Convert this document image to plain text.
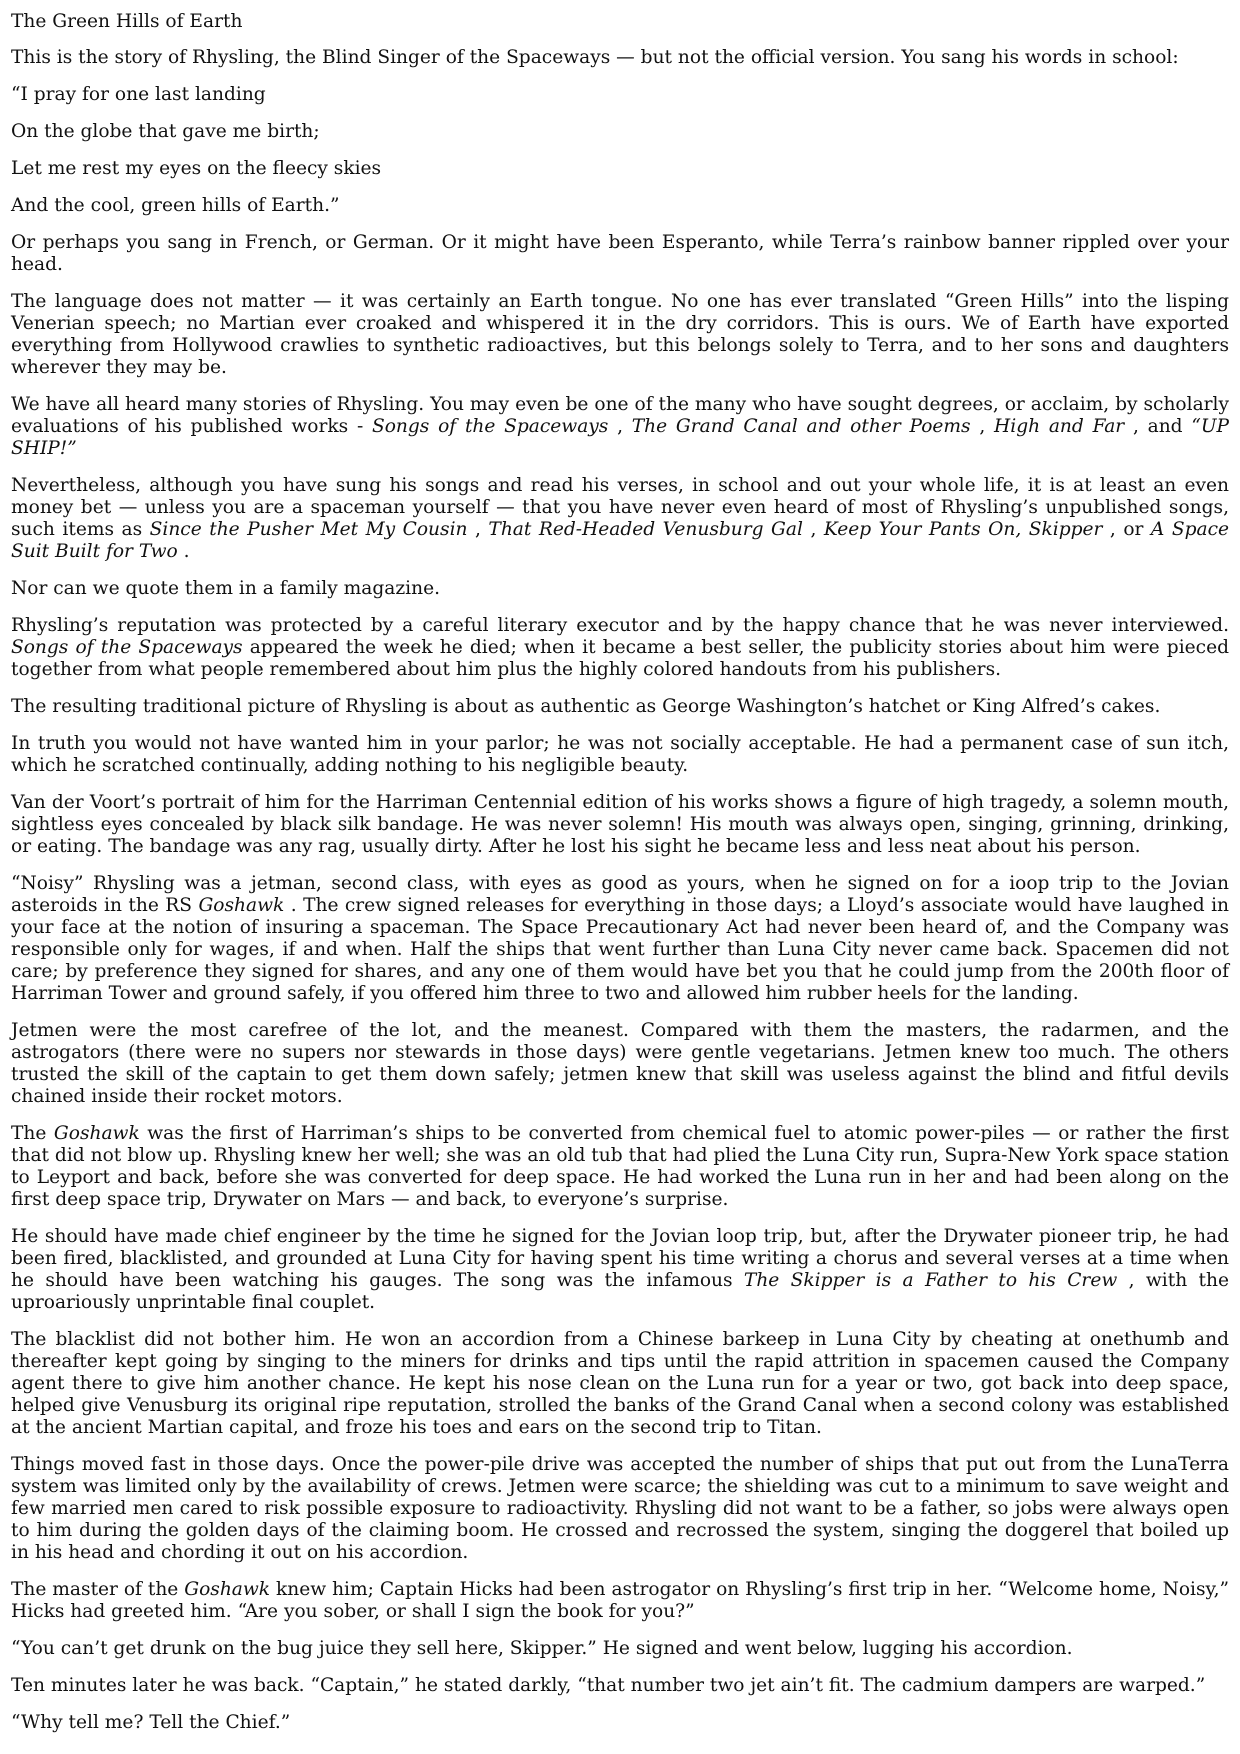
The Green Hills of Earth

This is the story of Rhysling, the Blind Singer of the Spaceways — but not the official version. You sang his words in school:

“I pray for one last landing

On the globe that gave me birth;

Let me rest my eyes on the fleecy skies

And the cool, green hills of Earth.”

Or perhaps you sang in French, or German. Or it might have been Esperanto, while Terra’s rainbow banner rippled over your head.

The language does not matter — it was certainly an Earth tongue. No one has ever translated “Green Hills” into the lisping Venerian speech; no Martian ever croaked and whispered it in the dry corridors. This is ours. We of Earth have exported everything from Hollywood crawlies to synthetic radioactives, but this belongs solely to Terra, and to her sons and daughters wherever they may be.

We have all heard many stories of Rhysling. You may even be one of the many who have sought degrees, or acclaim, by scholarly evaluations of his published works - Songs of the Spaceways , The Grand Canal and other Poems , High and Far , and “UP SHIP!”

Nevertheless, although you have sung his songs and read his verses, in school and out your whole life, it is at least an even money bet — unless you are a spaceman yourself — that you have never even heard of most of Rhysling’s unpublished songs, such items as Since the Pusher Met My Cousin , That Red-Headed Venusburg Gal , Keep Your Pants On, Skipper , or A Space Suit Built for Two .

Nor can we quote them in a family magazine.

Rhysling’s reputation was protected by a careful literary executor and by the happy chance that he was never interviewed. Songs of the Spaceways appeared the week he died; when it became a best seller, the publicity stories about him were pieced together from what people remembered about him plus the highly colored handouts from his publishers.

The resulting traditional picture of Rhysling is about as authentic as George Washington’s hatchet or King Alfred’s cakes.

In truth you would not have wanted him in your parlor; he was not socially acceptable. He had a permanent case of sun itch, which he scratched continually, adding nothing to his negligible beauty.

Van der Voort’s portrait of him for the Harriman Centennial edition of his works shows a figure of high tragedy, a solemn mouth, sightless eyes concealed by black silk bandage. He was never solemn! His mouth was always open, singing, grinning, drinking, or eating. The bandage was any rag, usually dirty. After he lost his sight he became less and less neat about his person.

“Noisy” Rhysling was a jetman, second class, with eyes as good as yours, when he signed on for a ioop trip to the Jovian asteroids in the RS Goshawk . The crew signed releases for everything in those days; a Lloyd’s associate would have laughed in your face at the notion of insuring a spaceman. The Space Precautionary Act had never been heard of, and the Company was responsible only for wages, if and when. Half the ships that went further than Luna City never came back. Spacemen did not care; by preference they signed for shares, and any one of them would have bet you that he could jump from the 200th floor of Harriman Tower and ground safely, if you offered him three to two and allowed him rubber heels for the landing.

Jetmen were the most carefree of the lot, and the meanest. Compared with them the masters, the radarmen, and the astrogators (there were no supers nor stewards in those days) were gentle vegetarians. Jetmen knew too much. The others trusted the skill of the captain to get them down safely; jetmen knew that skill was useless against the blind and fitful devils chained inside their rocket motors.

The Goshawk was the first of Harriman’s ships to be converted from chemical fuel to atomic power-piles — or rather the first that did not blow up. Rhysling knew her well; she was an old tub that had plied the Luna City run, Supra-New York space station to Leyport and back, before she was converted for deep space. He had worked the Luna run in her and had been along on the first deep space trip, Drywater on Mars — and back, to everyone’s surprise.

He should have made chief engineer by the time he signed for the Jovian loop trip, but, after the Drywater pioneer trip, he had been fired, blacklisted, and grounded at Luna City for having spent his time writing a chorus and several verses at a time when he should have been watching his gauges. The song was the infamous The Skipper is a Father to his Crew , with the uproariously unprintable final couplet.

The blacklist did not bother him. He won an accordion from a Chinese barkeep in Luna City by cheating at onethumb and thereafter kept going by singing to the miners for drinks and tips until the rapid attrition in spacemen caused the Company agent there to give him another chance. He kept his nose clean on the Luna run for a year or two, got back into deep space, helped give Venusburg its original ripe reputation, strolled the banks of the Grand Canal when a second colony was established at the ancient Martian capital, and froze his toes and ears on the second trip to Titan.

Things moved fast in those days. Once the power-pile drive was accepted the number of ships that put out from the LunaTerra system was limited only by the availability of crews. Jetmen were scarce; the shielding was cut to a minimum to save weight and few married men cared to risk possible exposure to radioactivity. Rhysling did not want to be a father, so jobs were always open to him during the golden days of the claiming boom. He crossed and recrossed the system, singing the doggerel that boiled up in his head and chording it out on his accordion.

The master of the Goshawk knew him; Captain Hicks had been astrogator on Rhysling’s first trip in her. “Welcome home, Noisy,” Hicks had greeted him. “Are you sober, or shall I sign the book for you?”

“You can’t get drunk on the bug juice they sell here, Skipper.” He signed and went below, lugging his accordion.

Ten minutes later he was back. “Captain,” he stated darkly, “that number two jet ain’t fit. The cadmium dampers are warped.”

“Why tell me? Tell the Chief.”
